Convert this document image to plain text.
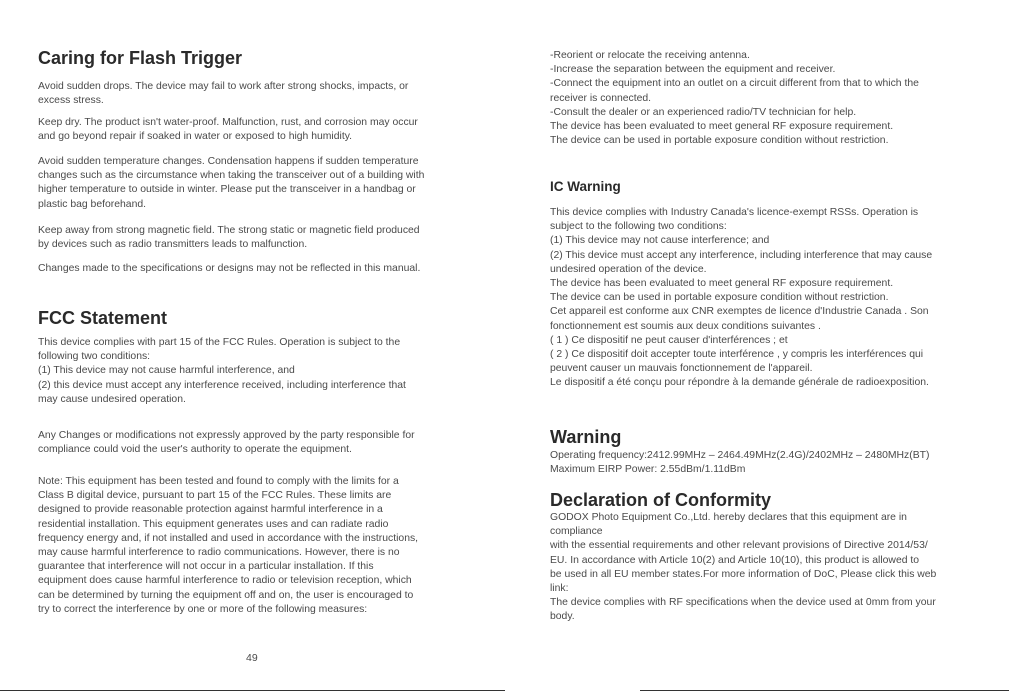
Caring for Flash Trigger

Avoid sudden drops. The device may fail to work after strong shocks, impacts, or
excess stress.

Keep dry. The product isn't water-proof. Malfunction, rust, and corrosion may occur
and go beyond repair if soaked in water or exposed to high humidity.

Avoid sudden temperature changes. Condensation happens if sudden temperature
changes such as the circumstance when taking the transceiver out of a building with
higher temperature to outside in winter. Please put the transceiver in a handbag or
plastic bag beforehand.

Keep away from strong magnetic field. The strong static or magnetic field produced
by devices such as radio transmitters leads to malfunction.

Changes made to the specifications or designs may not be reflected in this manual.

FCC Statement

This device complies with part 15 of the FCC Rules. Operation is subject to the
following two conditions:
(1) This device may not cause harmful interference, and
(2) this device must accept any interference received, including interference that
may cause undesired operation.

Any Changes or modifications not expressly approved by the party responsible for
compliance could void the user's authority to operate the equipment.

Note: This equipment has been tested and found to comply with the limits for a
Class B digital device, pursuant to part 15 of the FCC Rules. These limits are
designed to provide reasonable protection against harmful interference in a
residential installation. This equipment generates uses and can radiate radio
frequency energy and, if not installed and used in accordance with the instructions,
may cause harmful interference to radio communications. However, there is no
guarantee that interference will not occur in a particular installation. If this
equipment does cause harmful interference to radio or television reception, which
can be determined by turning the equipment off and on, the user is encouraged to
try to correct the interference by one or more of the following measures:

49

-Reorient or relocate the receiving antenna.
-Increase the separation between the equipment and receiver.
-Connect the equipment into an outlet on a circuit different from that to which the
receiver is connected.
-Consult the dealer or an experienced radio/TV technician for help.
The device has been evaluated to meet general RF exposure requirement.
The device can be used in portable exposure condition without restriction.

IC Warning

This device complies with Industry Canada's licence-exempt RSSs. Operation is
subject to the following two conditions:
(1) This device may not cause interference; and
(2) This device must accept any interference, including interference that may cause
undesired operation of the device.
The device has been evaluated to meet general RF exposure requirement.
The device can be used in portable exposure condition without restriction.
Cet appareil est conforme aux CNR exemptes de licence d'Industrie Canada . Son
fonctionnement est soumis aux deux conditions suivantes .
( 1 ) Ce dispositif ne peut causer d'interférences ; et
( 2 ) Ce dispositif doit accepter toute interférence , y compris les interférences qui
peuvent causer un mauvais fonctionnement de l'appareil.
Le dispositif a été conçu pour répondre à la demande générale de radioexposition.

Warning

Operating frequency:2412.99MHz – 2464.49MHz(2.4G)/2402MHz – 2480MHz(BT)
Maximum EIRP Power: 2.55dBm/1.11dBm

Declaration of Conformity

GODOX Photo Equipment Co.,Ltd. hereby declares that this equipment are in
compliance
with the essential requirements and other relevant provisions of Directive 2014/53/
EU. In accordance with Article 10(2) and Article 10(10), this product is allowed to
be used in all EU member states.For more information of DoC, Please click this web
link:
The device complies with RF specifications when the device used at 0mm from your
body.
